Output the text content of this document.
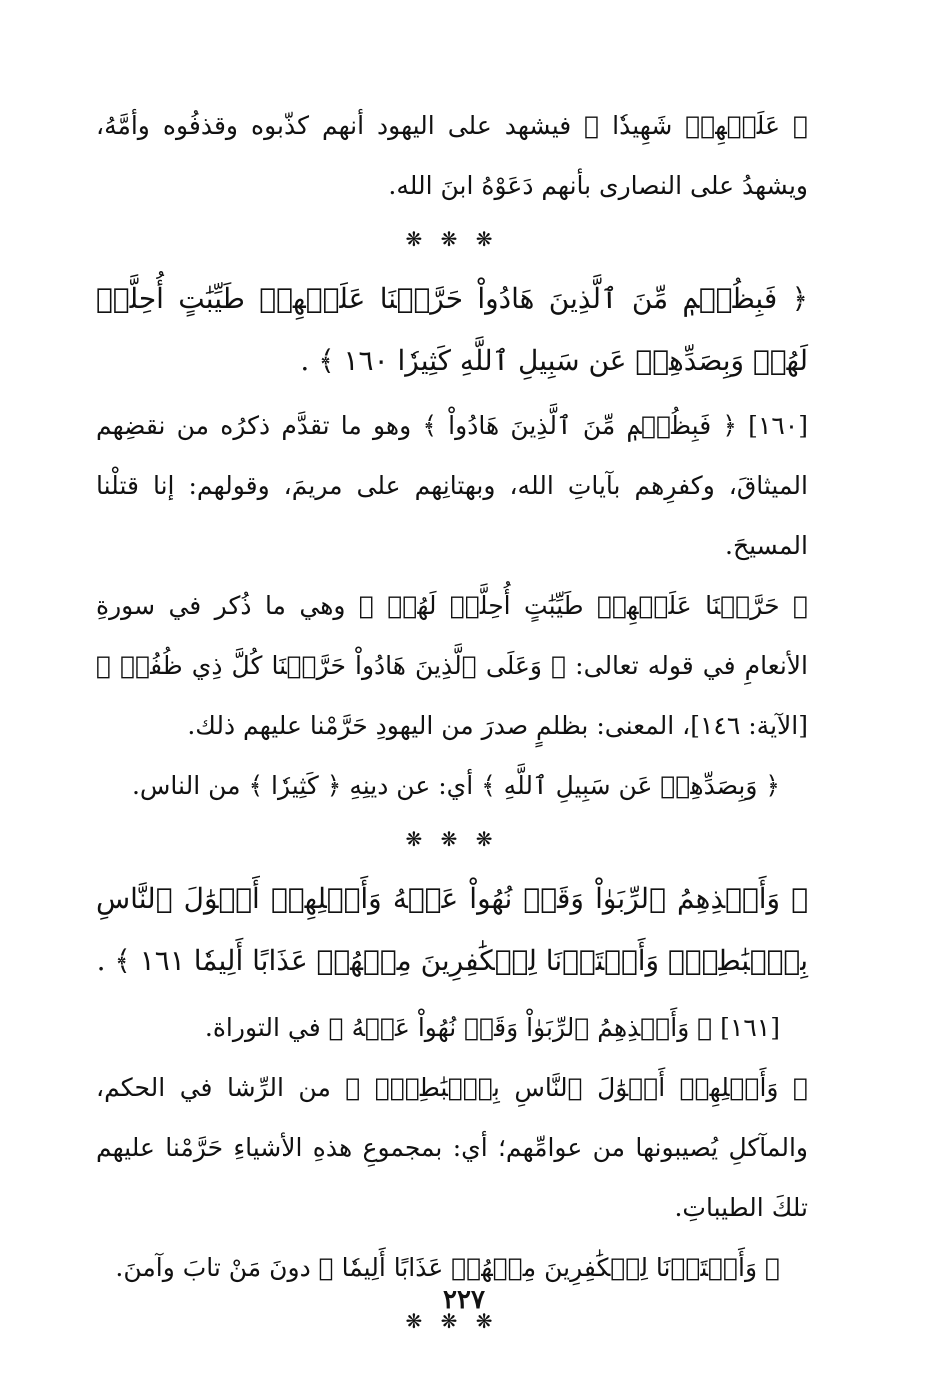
﴿ عَلَيۡهِمۡ شَهِيدٗا ﴾ فيشهد على اليهود أنهم كذّبوه وقذفُوه وأمَّهُ، ويشهدُ على النصارى بأنهم دَعَوْهُ ابنَ الله.

❋ ❋ ❋

﴿ فَبِظُلۡمٖ مِّنَ ٱلَّذِينَ هَادُواْ حَرَّمۡنَا عَلَيۡهِمۡ طَيِّبَٰتٍ أُحِلَّتۡ لَهُمۡ وَبِصَدِّهِمۡ عَن سَبِيلِ ٱللَّهِ كَثِيرٗا ١٦٠ ﴾ .

[١٦٠] ﴿ فَبِظُلۡمٖ مِّنَ ٱلَّذِينَ هَادُواْ ﴾ وهو ما تقدَّم ذكرُه من نقضِهم الميثاقَ، وكفرِهم بآياتِ الله، وبهتانِهم على مريمَ، وقولهم: إنا قتلْنا المسيحَ.

﴿ حَرَّمۡنَا عَلَيۡهِمۡ طَيِّبَٰتٍ أُحِلَّتۡ لَهُمۡ ﴾ وهي ما ذُكر في سورةِ الأنعامِ في قوله تعالى: ﴿ وَعَلَى ٱلَّذِينَ هَادُواْ حَرَّمۡنَا كُلَّ ذِي ظُفُرٖ ﴾ [الآية: ١٤٦]، المعنى: بظلمٍ صدرَ من اليهودِ حَرَّمْنا عليهم ذلك.

﴿ وَبِصَدِّهِمۡ عَن سَبِيلِ ٱللَّهِ ﴾ أي: عن دينِهِ ﴿ كَثِيرٗا ﴾ من الناس.

❋ ❋ ❋

﴿ وَأَخۡذِهِمُ ٱلرِّبَوٰاْ وَقَدۡ نُهُواْ عَنۡهُ وَأَكۡلِهِمۡ أَمۡوَٰلَ ٱلنَّاسِ بِٱلۡبَٰطِلِۚ وَأَعۡتَدۡنَا لِلۡكَٰفِرِينَ مِنۡهُمۡ عَذَابًا أَلِيمٗا ١٦١ ﴾ .

[١٦١] ﴿ وَأَخۡذِهِمُ ٱلرِّبَوٰاْ وَقَدۡ نُهُواْ عَنۡهُ ﴾ في التوراة.

﴿ وَأَكۡلِهِمۡ أَمۡوَٰلَ ٱلنَّاسِ بِٱلۡبَٰطِلِۚ ﴾ من الرِّشا في الحكم، والمآكلِ يُصيبونها من عوامِّهم؛ أي: بمجموعِ هذهِ الأشياءِ حَرَّمْنا عليهم تلكَ الطيباتِ.

﴿ وَأَعۡتَدۡنَا لِلۡكَٰفِرِينَ مِنۡهُمۡ عَذَابًا أَلِيمٗا ﴾ دونَ مَنْ تابَ وآمنَ.

❋ ❋ ❋
٢٢٧
